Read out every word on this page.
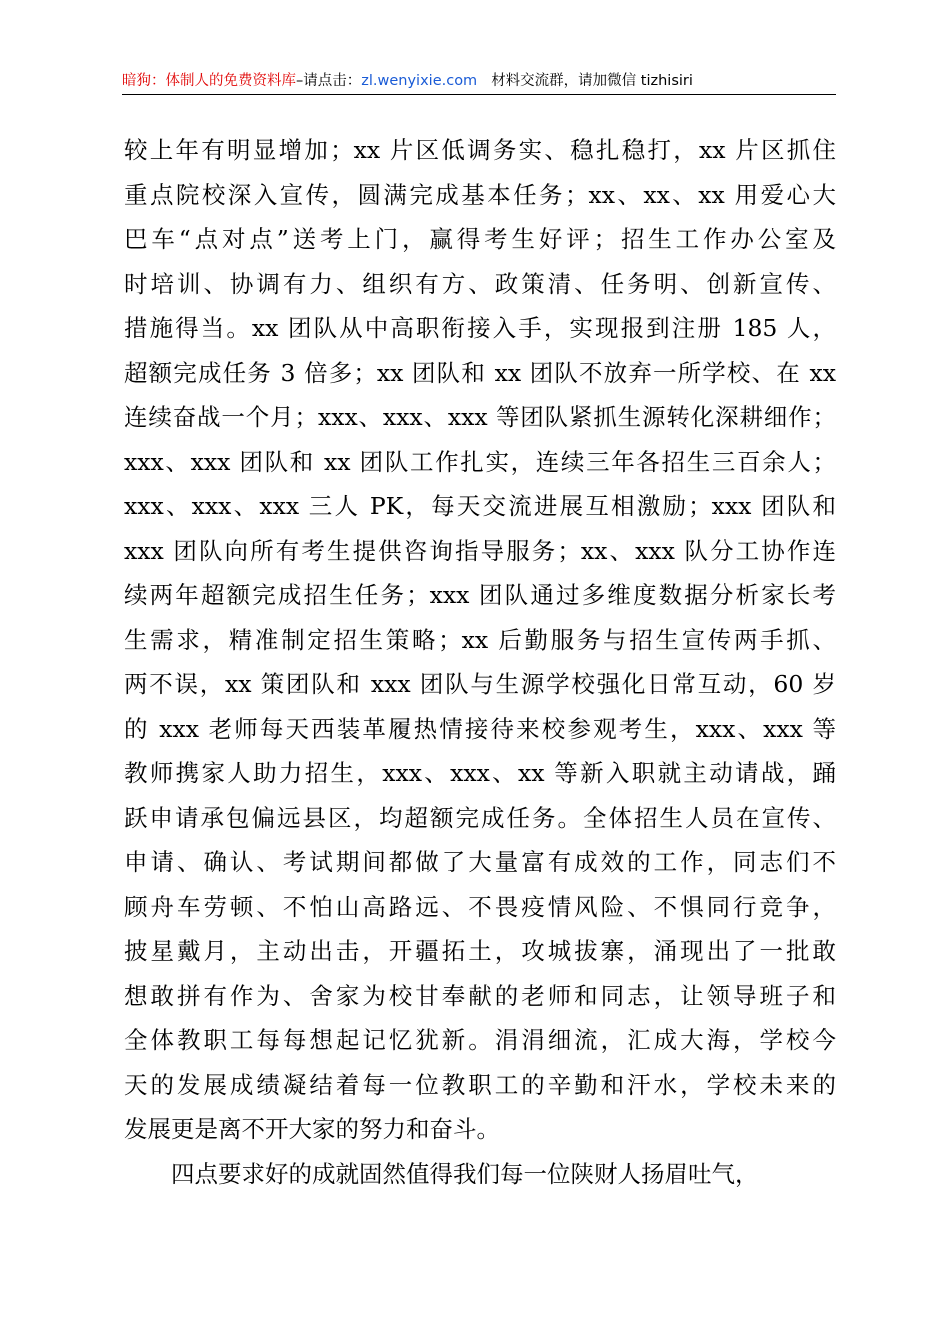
暗狗：体制人的免费资料库–请点击：zl.wenyixie.com 材料交流群，请加微信 tizhisiri
较上年有明显增加；xx 片区低调务实、稳扎稳打，xx 片区抓住
重点院校深入宣传，圆满完成基本任务；xx、xx、xx 用爱心大
巴车“点对点”送考上门，赢得考生好评；招生工作办公室及
时培训、协调有力、组织有方、政策清、任务明、创新宣传、
措施得当。xx 团队从中高职衔接入手，实现报到注册 185 人，
超额完成任务 3 倍多；xx 团队和 xx 团队不放弃一所学校、在 xx
连续奋战一个月；xxx、xxx、xxx 等团队紧抓生源转化深耕细作；
xxx、xxx 团队和 xx 团队工作扎实，连续三年各招生三百余人；
xxx、xxx、xxx 三人 PK，每天交流进展互相激励；xxx 团队和
xxx 团队向所有考生提供咨询指导服务；xx、xxx 队分工协作连
续两年超额完成招生任务；xxx 团队通过多维度数据分析家长考
生需求，精准制定招生策略；xx 后勤服务与招生宣传两手抓、
两不误，xx 策团队和 xxx 团队与生源学校强化日常互动，60 岁
的 xxx 老师每天西装革履热情接待来校参观考生，xxx、xxx 等
教师携家人助力招生，xxx、xxx、xx 等新入职就主动请战，踊
跃申请承包偏远县区，均超额完成任务。全体招生人员在宣传、
申请、确认、考试期间都做了大量富有成效的工作，同志们不
顾舟车劳顿、不怕山高路远、不畏疫情风险、不惧同行竞争，
披星戴月，主动出击，开疆拓土，攻城拔寨，涌现出了一批敢
想敢拼有作为、舍家为校甘奉献的老师和同志，让领导班子和
全体教职工每每想起记忆犹新。涓涓细流，汇成大海，学校今
天的发展成绩凝结着每一位教职工的辛勤和汗水，学校未来的
发展更是离不开大家的努力和奋斗。
四点要求好的成就固然值得我们每一位陕财人扬眉吐气，
